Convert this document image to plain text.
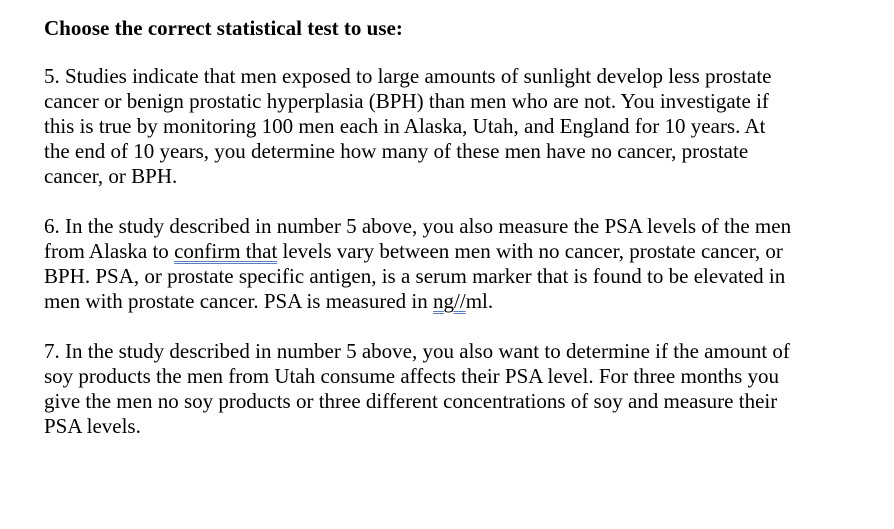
Choose the correct statistical test to use:
5. Studies indicate that men exposed to large amounts of sunlight develop less prostate
cancer or benign prostatic hyperplasia (BPH) than men who are not. You investigate if
this is true by monitoring 100 men each in Alaska, Utah, and England for 10 years. At
the end of 10 years, you determine how many of these men have no cancer, prostate
cancer, or BPH.
6. In the study described in number 5 above, you also measure the PSA levels of the men
from Alaska to confirm that levels vary between men with no cancer, prostate cancer, or
BPH. PSA, or prostate specific antigen, is a serum marker that is found to be elevated in
men with prostate cancer. PSA is measured in ng//ml.
7. In the study described in number 5 above, you also want to determine if the amount of
soy products the men from Utah consume affects their PSA level. For three months you
give the men no soy products or three different concentrations of soy and measure their
PSA levels.
